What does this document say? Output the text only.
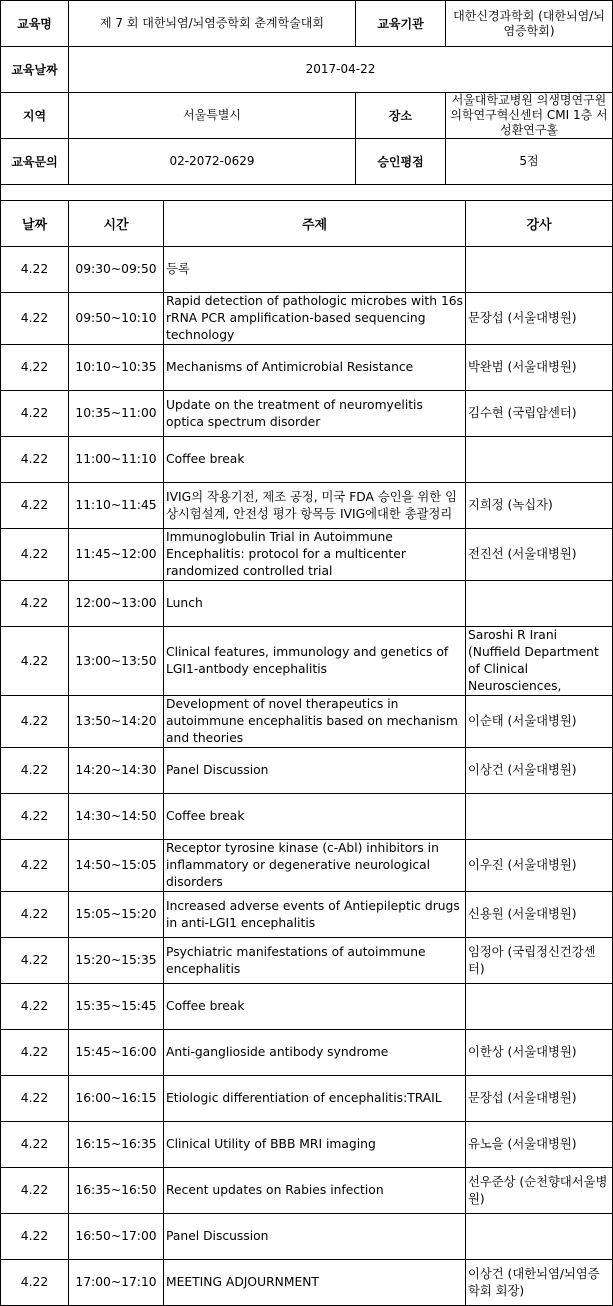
교육명	제 7 회 대한뇌염/뇌염증학회 춘계학술대회	교육기관	대한신경과학회 (대한뇌염/뇌염증학회)
교육날짜	2017-04-22		
지역	서울특별시	장소	서울대학교병원 의생명연구원 의학연구혁신센터 CMI 1층 서성환연구홀
교육문의	02-2072-0629	승인평점	5점

날짜	시간	주제	강사
4.22	09:30~09:50	등록	
4.22	09:50~10:10	Rapid detection of pathologic microbes with 16s rRNA PCR amplification-based sequencing technology	문장섭 (서울대병원)
4.22	10:10~10:35	Mechanisms of Antimicrobial Resistance	박완범 (서울대병원)
4.22	10:35~11:00	Update on the treatment of neuromyelitis optica spectrum disorder	김수현 (국립암센터)
4.22	11:00~11:10	Coffee break	
4.22	11:10~11:45	IVIG의 작용기전, 제조 공정, 미국 FDA 승인을 위한 임상시험설계, 안전성 평가 항목등 IVIG에대한 총괄정리	지희정 (녹십자)
4.22	11:45~12:00	Immunoglobulin Trial in Autoimmune Encephalitis: protocol for a multicenter randomized controlled trial	전진선 (서울대병원)
4.22	12:00~13:00	Lunch	
4.22	13:00~13:50	Clinical features, immunology and genetics of LGI1-antbody encephalitis	Saroshi R Irani (Nuffield Department of Clinical Neurosciences,
4.22	13:50~14:20	Development of novel therapeutics in autoimmune encephalitis based on mechanism and theories	이순태 (서울대병원)
4.22	14:20~14:30	Panel Discussion	이상건 (서울대병원)
4.22	14:30~14:50	Coffee break	
4.22	14:50~15:05	Receptor tyrosine kinase (c-Abl) inhibitors in inflammatory or degenerative neurological disorders	이우진 (서울대병원)
4.22	15:05~15:20	Increased adverse events of Antiepileptic drugs in anti-LGI1 encephalitis	신용원 (서울대병원)
4.22	15:20~15:35	Psychiatric manifestations of autoimmune encephalitis	임정아 (국립정신건강센터)
4.22	15:35~15:45	Coffee break	
4.22	15:45~16:00	Anti-ganglioside antibody syndrome	이한상 (서울대병원)
4.22	16:00~16:15	Etiologic differentiation of encephalitis:TRAIL	문장섭 (서울대병원)
4.22	16:15~16:35	Clinical Utility of BBB MRI imaging	유노을 (서울대병원)
4.22	16:35~16:50	Recent updates on Rabies infection	선우준상 (순천향대서울병원)
4.22	16:50~17:00	Panel Discussion	
4.22	17:00~17:10	MEETING ADJOURNMENT	이상건 (대한뇌염/뇌염증학회 회장)
